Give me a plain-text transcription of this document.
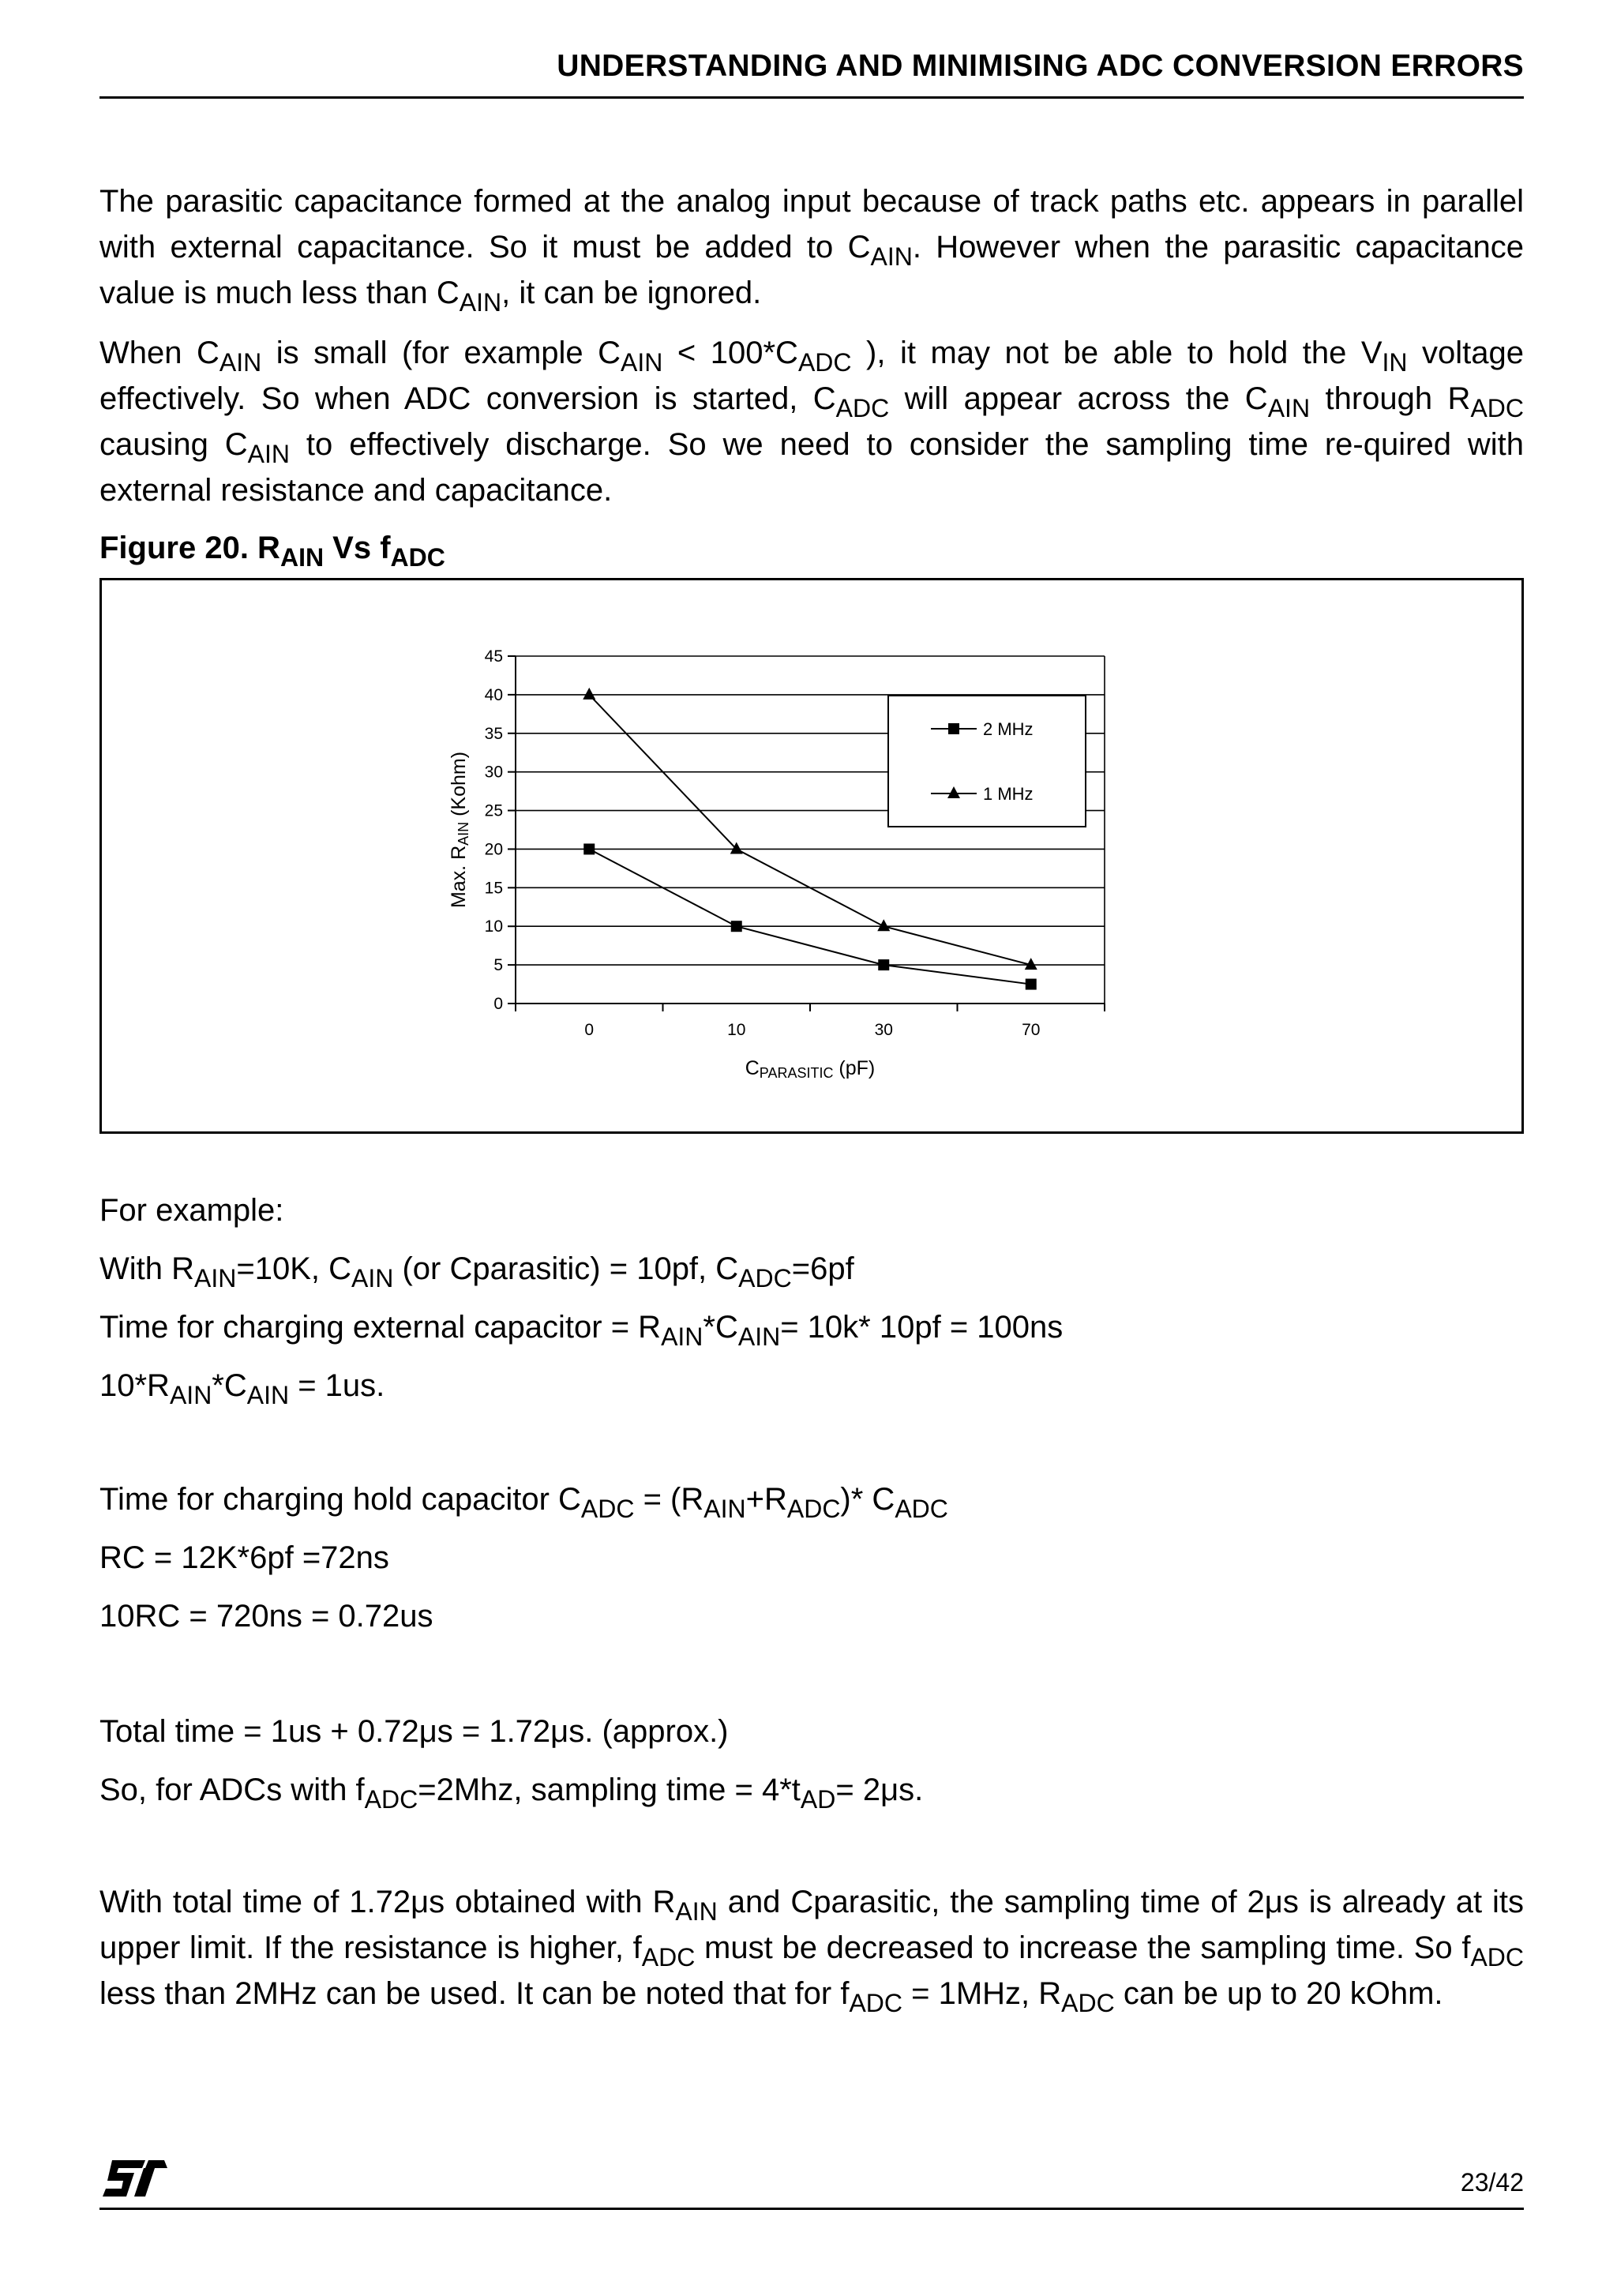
UNDERSTANDING AND MINIMISING ADC CONVERSION ERRORS
The parasitic capacitance formed at the analog input because of track paths etc. appears in parallel with external capacitance. So it must be added to $C_{AIN}$. However when the parasitic capacitance value is much less than $C_{AIN}$, it can be ignored.
When $C_{AIN}$ is small (for example $C_{AIN} < 100*C_{ADC}$ ), it may not be able to hold the $V_{IN}$ voltage effectively. So when ADC conversion is started, $C_{ADC}$ will appear across the $C_{AIN}$ through $R_{ADC}$ causing $C_{AIN}$ to effectively discharge. So we need to consider the sampling time re-quired with external resistance and capacitance.
Figure 20. $R_{AIN}$ Vs $f_{ADC}$
0
5
10
15
20
25
30
35
40
45
0	10	30	70
CPARASITIC (pF)
Max. RAIN (Kohm)
2 MHz
1 MHz
For example:
With $R_{AIN}=10K$, $C_{AIN}$ (or Cparasitic) = 10pf, $C_{ADC}=6pf$
Time for charging external capacitor = $R_{AIN}*C_{AIN}= 10k*$ 10pf = 100ns
$10*R_{AIN}*C_{AIN} = 1us$.
Time for charging hold capacitor $C_{ADC} = (R_{AIN}+R_{ADC})*$ $C_{ADC}$
RC = 12K*6pf =72ns
10RC = 720ns = 0.72us
Total time = 1us + 0.72μs = 1.72μs. (approx.)
So, for ADCs with $f_{ADC}=2Mhz$, sampling time = $4*t_{AD}= 2\mu s$.
With total time of 1.72μs obtained with $R_{AIN}$ and Cparasitic, the sampling time of 2μs is already at its upper limit. If the resistance is higher, $f_{ADC}$ must be decreased to increase the sampling time. So $f_{ADC}$ less than 2MHz can be used. It can be noted that for $f_{ADC} = 1MHz$, $R_{ADC}$ can be up to 20 kOhm.
23/42
